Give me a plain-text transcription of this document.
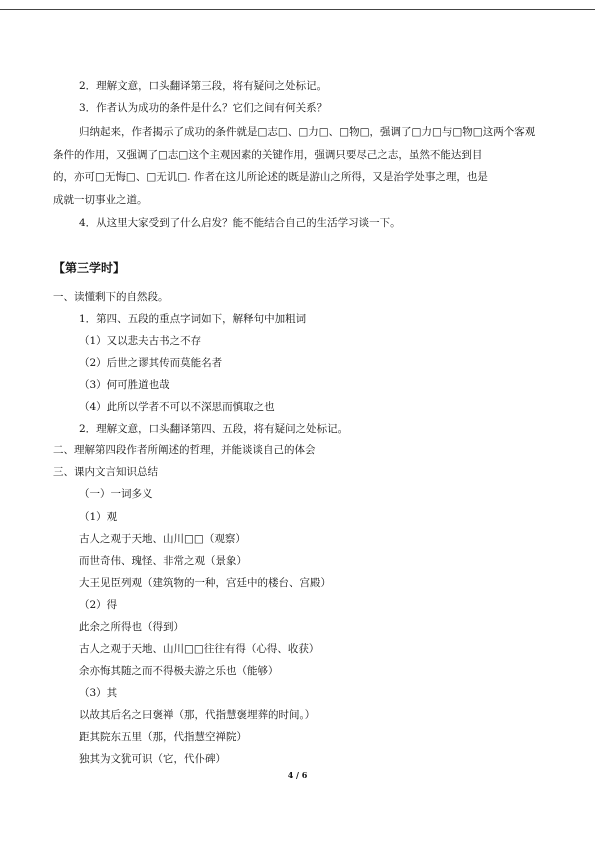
2．理解文意，口头翻译第三段，将有疑问之处标记。
3．作者认为成功的条件是什么？它们之间有何关系？
归纳起来，作者揭示了成功的条件就是□志□、□力□、□物□，强调了□力□与□物□这两个客观
条件的作用，又强调了□志□这个主观因素的关键作用，强调只要尽己之志，虽然不能达到目
的，亦可□无悔□、□无讥□. 作者在这儿所论述的既是游山之所得，又是治学处事之理，也是
成就一切事业之道。
4．从这里大家受到了什么启发？能不能结合自己的生活学习谈一下。
【第三学时】
一、读懂剩下的自然段。
1．第四、五段的重点字词如下，解释句中加粗词
（1）又以悲夫古书之不存
（2）后世之谬其传而莫能名者
（3）何可胜道也哉
（4）此所以学者不可以不深思而慎取之也
2．理解文意，口头翻译第四、五段，将有疑问之处标记。
二、理解第四段作者所阐述的哲理，并能谈谈自己的体会
三、课内文言知识总结
（一）一词多义
（1）观
古人之观于天地、山川□□（观察）
而世奇伟、瑰怪、非常之观（景象）
大王见臣列观（建筑物的一种，宫廷中的楼台、宫殿）
（2）得
此余之所得也（得到）
古人之观于天地、山川□□往往有得（心得、收获）
余亦悔其随之而不得极夫游之乐也（能够）
（3）其
以故其后名之曰褒禅（那，代指慧褒埋葬的时间。）
距其院东五里（那，代指慧空禅院）
独其为文犹可识（它，代仆碑）
4 / 6
